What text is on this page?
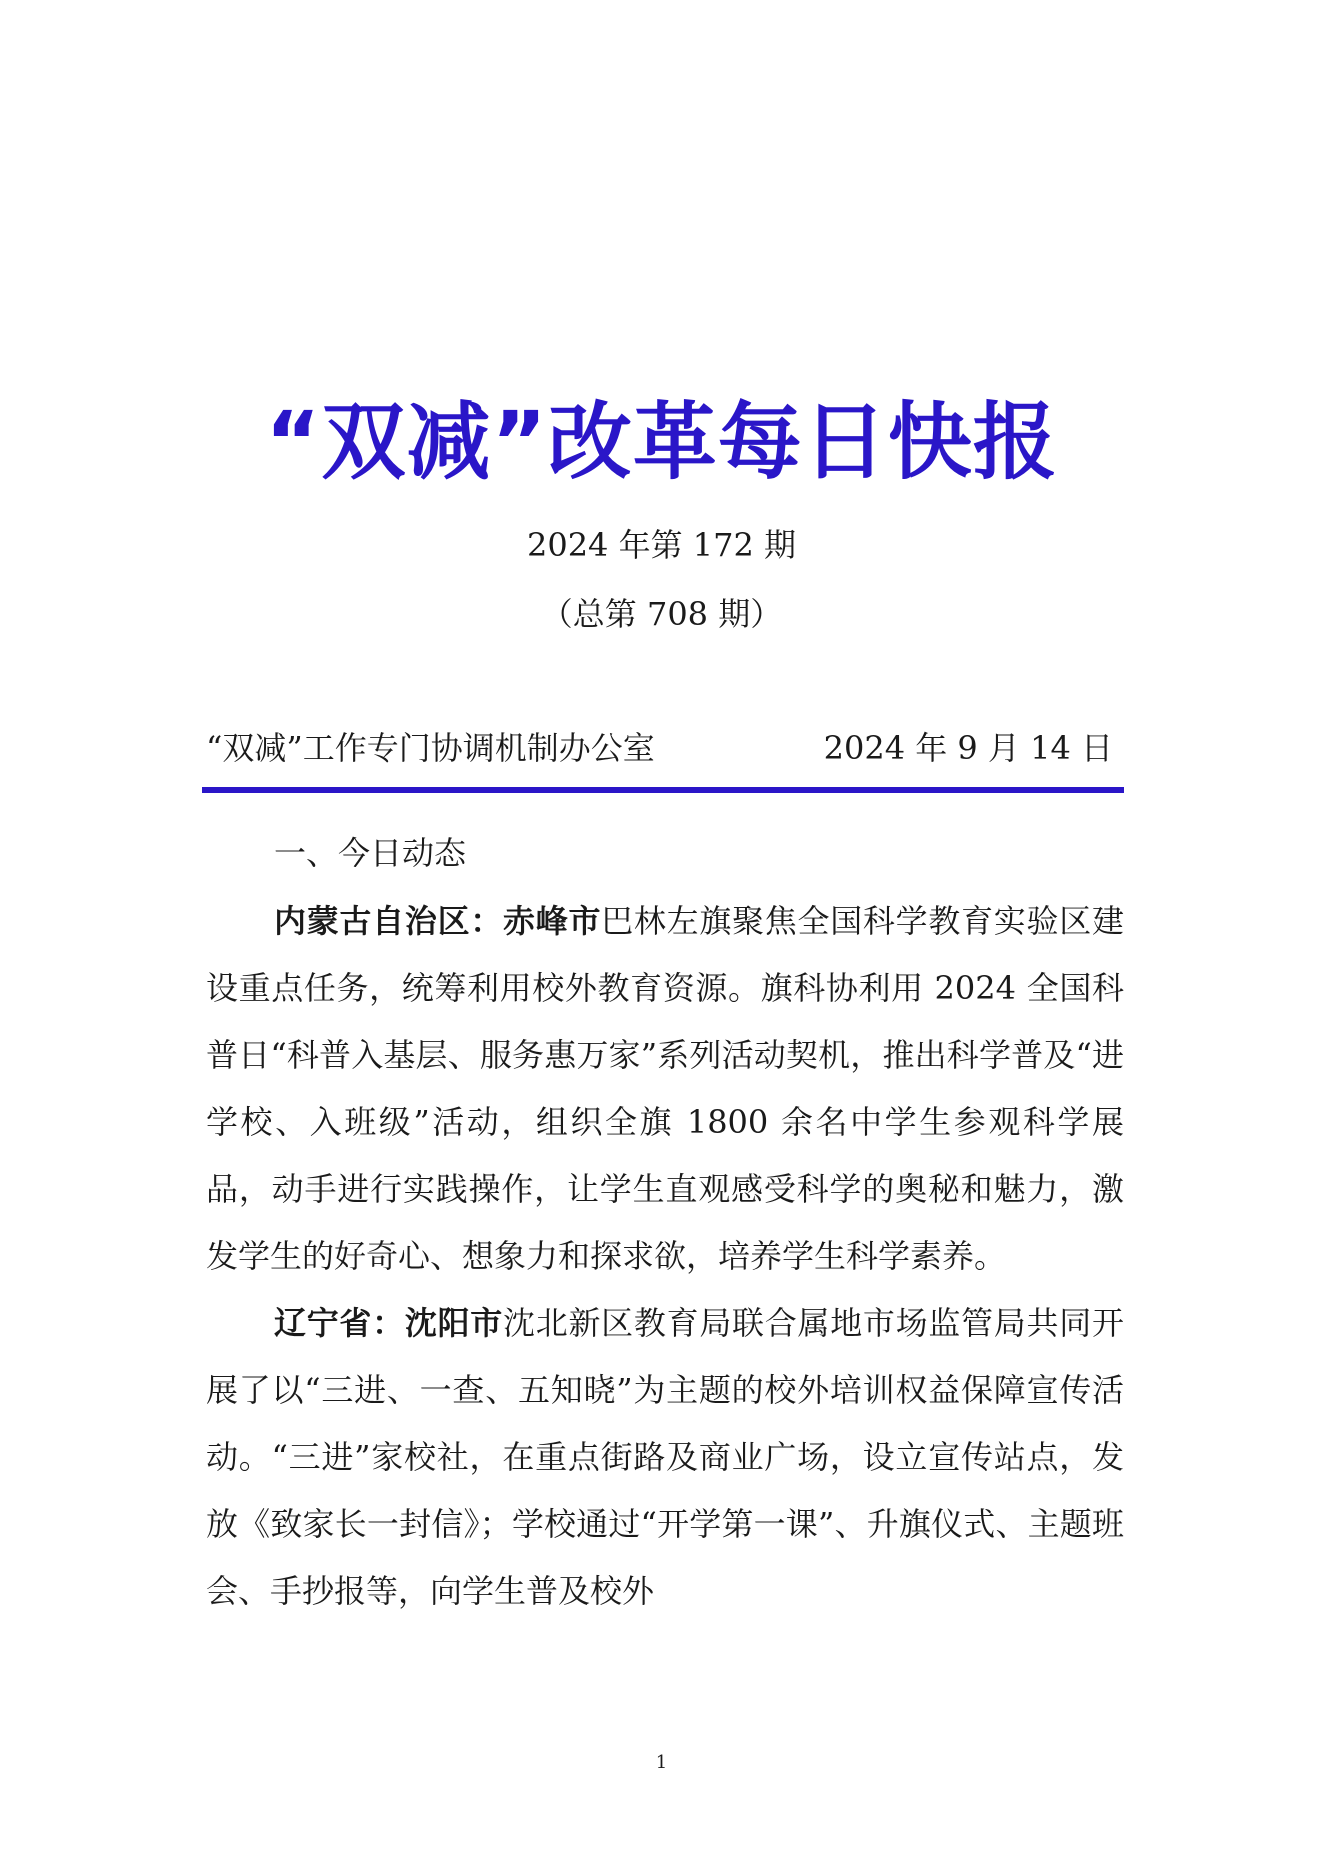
“双减”改革每日快报
2024 年第 172 期
（总第 708 期）
“双减”工作专门协调机制办公室	2024 年 9 月 14 日
一、今日动态

内蒙古自治区：赤峰市巴林左旗聚焦全国科学教育实验区建设重点任务，统筹利用校外教育资源。旗科协利用 2024 全国科普日“科普入基层、服务惠万家”系列活动契机，推出科学普及“进学校、入班级”活动，组织全旗 1800 余名中学生参观科学展品，动手进行实践操作，让学生直观感受科学的奥秘和魅力，激发学生的好奇心、想象力和探求欲，培养学生科学素养。

辽宁省：沈阳市沈北新区教育局联合属地市场监管局共同开展了以“三进、一查、五知晓”为主题的校外培训权益保障宣传活动。“三进”家校社，在重点街路及商业广场，设立宣传站点，发放《致家长一封信》；学校通过“开学第一课”、升旗仪式、主题班会、手抄报等，向学生普及校外

1
